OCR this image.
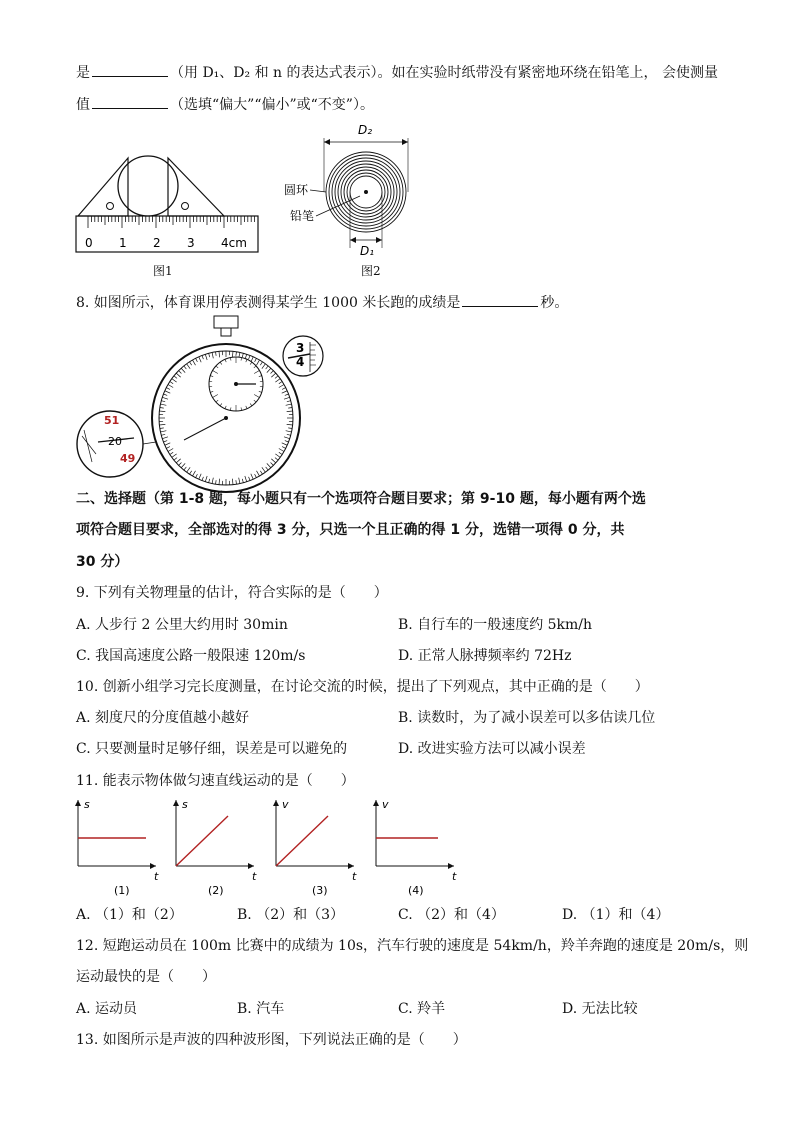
是	（用 D₁、D₂ 和 n 的表达式表示）。如在实验时纸带没有紧密地环绕在铅笔上， 会使测量
值	（选填“偏大”“偏小”或“不变”）。
0 1 2 3 4cm
图1
D₂
圆环
铅笔
D₁
图2
8. 如图所示，体育课用停表测得某学生 1000 米长跑的成绩是	秒。
3
4
51
20
49
二、选择题（第 1-8 题，每小题只有一个选项符合题目要求；第 9-10 题，每小题有两个选
项符合题目要求，全部选对的得 3 分，只选一个且正确的得 1 分，选错一项得 0 分，共
30 分）
9. 下列有关物理量的估计，符合实际的是（　　）
A. 人步行 2 公里大约用时 30min	B. 自行车的一般速度约 5km/h
C. 我国高速度公路一般限速 120m/s	D. 正常人脉搏频率约 72Hz
10. 创新小组学习完长度测量，在讨论交流的时候，提出了下列观点，其中正确的是（　　）
A. 刻度尺的分度值越小越好	B. 读数时，为了减小误差可以多估读几位
C. 只要测量时足够仔细，误差是可以避免的	D. 改进实验方法可以减小误差
11. 能表示物体做匀速直线运动的是（　　）
s
t
(1)
s
t
(2)
v
t
(3)
v
t
(4)
A. （1）和（2）	B. （2）和（3）	C. （2）和（4）	D. （1）和（4）
12. 短跑运动员在 100m 比赛中的成绩为 10s，汽车行驶的速度是 54km/h，羚羊奔跑的速度是 20m/s，则
运动最快的是（　　）
A. 运动员	B. 汽车	C. 羚羊	D. 无法比较
13. 如图所示是声波的四种波形图，下列说法正确的是（　　）
